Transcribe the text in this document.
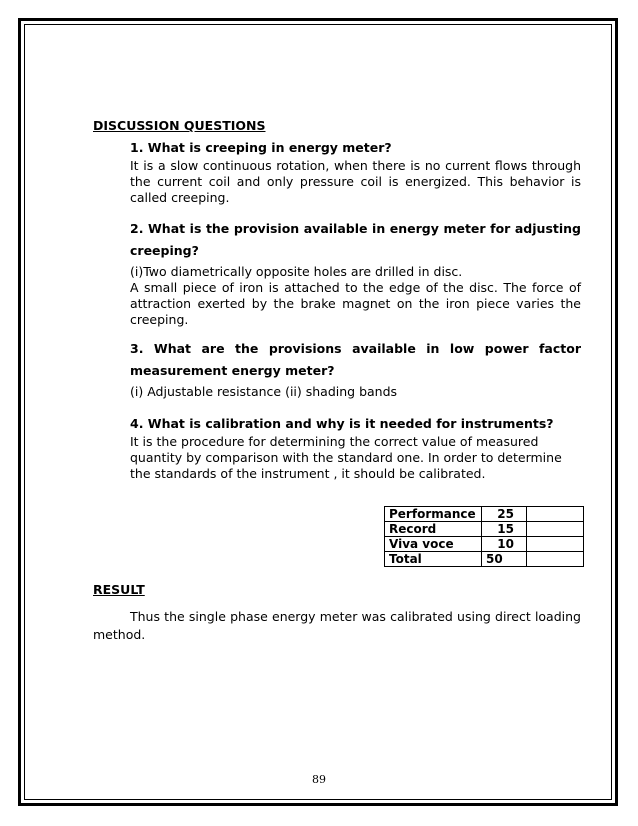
DISCUSSION QUESTIONS

1. What is creeping in energy meter?

It is a slow continuous rotation, when there is no current flows through the current coil and only pressure coil is energized. This behavior is called creeping.

2. What is the provision available in energy meter for adjusting creeping?

(i)Two diametrically opposite holes are drilled in disc.

A small piece of iron is attached to the edge of the disc. The force of attraction exerted by the brake magnet on the iron piece varies the creeping.

3. What are the provisions available in low power factor measurement energy meter?

(i) Adjustable resistance (ii) shading bands

4. What is calibration and why is it needed for instruments?

It is the procedure for determining the correct value of measured quantity by comparison with the standard one. In order to determine the standards of the instrument , it should be calibrated.

Performance	25	
Record	15	
Viva voce	10	
Total	50	
RESULT
Thus the single phase energy meter was calibrated using direct loading method.
89
